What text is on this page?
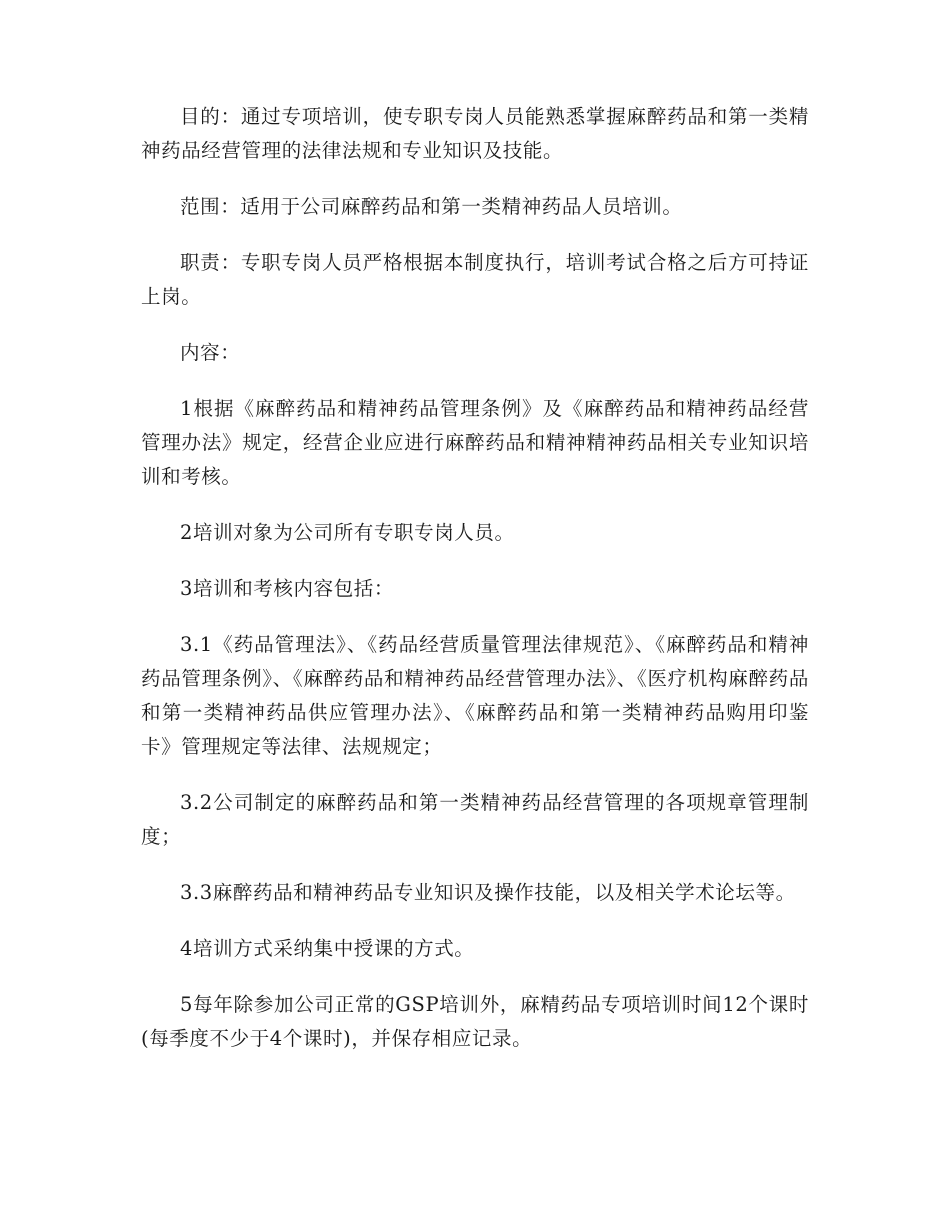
目的：通过专项培训，使专职专岗人员能熟悉掌握麻醉药品和第一类精神药品经营管理的法律法规和专业知识及技能。

范围：适用于公司麻醉药品和第一类精神药品人员培训。

职责：专职专岗人员严格根据本制度执行，培训考试合格之后方可持证上岗。

内容：

1根据《麻醉药品和精神药品管理条例》及《麻醉药品和精神药品经营管理办法》规定，经营企业应进行麻醉药品和精神精神药品相关专业知识培训和考核。

2培训对象为公司所有专职专岗人员。

3培训和考核内容包括：

3.1《药品管理法》、《药品经营质量管理法律规范》、《麻醉药品和精神药品管理条例》、《麻醉药品和精神药品经营管理办法》、《医疗机构麻醉药品和第一类精神药品供应管理办法》、《麻醉药品和第一类精神药品购用印鉴卡》管理规定等法律、法规规定；

3.2公司制定的麻醉药品和第一类精神药品经营管理的各项规章管理制度；

3.3麻醉药品和精神药品专业知识及操作技能，以及相关学术论坛等。

4培训方式采纳集中授课的方式。

5每年除参加公司正常的GSP培训外，麻精药品专项培训时间12个课时(每季度不少于4个课时)，并保存相应记录。
